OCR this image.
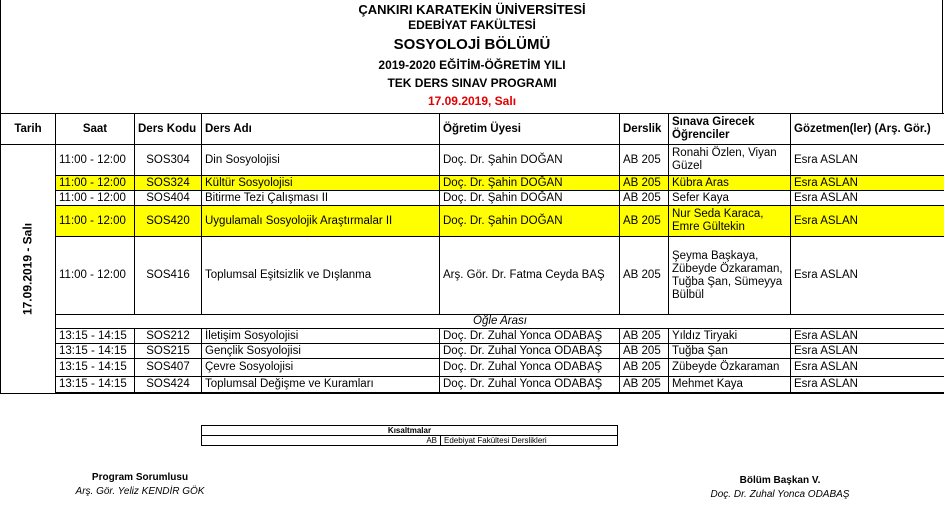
ÇANKIRI KARATEKİN ÜNİVERSİTESİ
EDEBİYAT FAKÜLTESİ
SOSYOLOJİ BÖLÜMÜ
2019-2020 EĞİTİM-ÖĞRETİM YILI
TEK DERS SINAV PROGRAMI
17.09.2019, Salı
Tarih	Saat	Ders Kodu	Ders Adı	Öğretim Üyesi	Derslik	Sınava Girecek Öğrenciler	Gözetmen(ler) (Arş. Gör.)

17.09.2019 - Salı	11:00 - 12:00	SOS304	Din Sosyolojisi	Doç. Dr. Şahin DOĞAN	AB 205	Ronahi Özlen, Viyan Güzel	Esra ASLAN
	11:00 - 12:00	SOS324	Kültür Sosyolojisi	Doç. Dr. Şahin DOĞAN	AB 205	Kübra Aras	Esra ASLAN
	11:00 - 12:00	SOS404	Bitirme Tezi Çalışması II	Doç. Dr. Şahin DOĞAN	AB 205	Sefer Kaya	Esra ASLAN
	11:00 - 12:00	SOS420	Uygulamalı Sosyolojik Araştırmalar II	Doç. Dr. Şahin DOĞAN	AB 205	Nur Seda Karaca, Emre Gültekin	Esra ASLAN
	11:00 - 12:00	SOS416	Toplumsal Eşitsizlik ve Dışlanma	Arş. Gör. Dr. Fatma Ceyda BAŞ	AB 205	Şeyma Başkaya, Zübeyde Özkaraman, Tuğba Şan, Sümeyya Bülbül	Esra ASLAN
	Öğle Arası						
	13:15 - 14:15	SOS212	İletişim Sosyolojisi	Doç. Dr. Zuhal Yonca ODABAŞ	AB 205	Yıldız Tiryaki	Esra ASLAN
	13:15 - 14:15	SOS215	Gençlik Sosyolojisi	Doç. Dr. Zuhal Yonca ODABAŞ	AB 205	Tuğba Şan	Esra ASLAN
	13:15 - 14:15	SOS407	Çevre Sosyolojisi	Doç. Dr. Zuhal Yonca ODABAŞ	AB 205	Zübeyde Özkaraman	Esra ASLAN
	13:15 - 14:15	SOS424	Toplumsal Değişme ve Kuramları	Doç. Dr. Zuhal Yonca ODABAŞ	AB 205	Mehmet Kaya	Esra ASLAN

Kısaltmalar
AB	Edebiyat Fakültesi Derslikleri
Program Sorumlusu
Arş. Gör. Yeliz KENDİR GÖK
Bölüm Başkan V.
Doç. Dr. Zuhal Yonca ODABAŞ
